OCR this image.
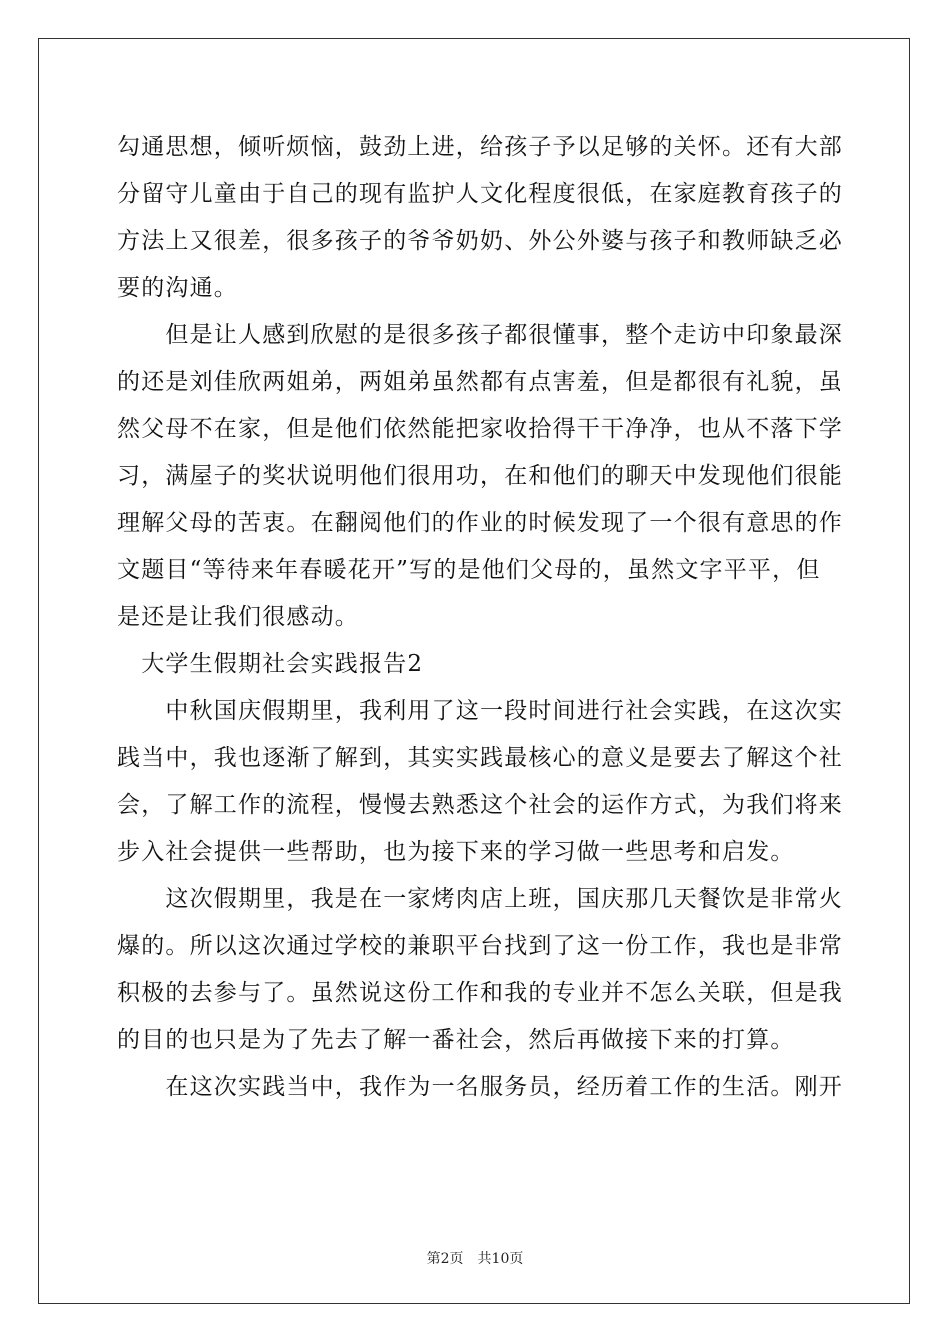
勾通思想，倾听烦恼，鼓劲上进，给孩子予以足够的关怀。还有大部
分留守儿童由于自己的现有监护人文化程度很低，在家庭教育孩子的
方法上又很差，很多孩子的爷爷奶奶、外公外婆与孩子和教师缺乏必
要的沟通。
　　但是让人感到欣慰的是很多孩子都很懂事，整个走访中印象最深
的还是刘佳欣两姐弟，两姐弟虽然都有点害羞，但是都很有礼貌，虽
然父母不在家，但是他们依然能把家收拾得干干净净，也从不落下学
习，满屋子的奖状说明他们很用功，在和他们的聊天中发现他们很能
理解父母的苦衷。在翻阅他们的作业的时候发现了一个很有意思的作
文题目“等待来年春暖花开”写的是他们父母的，虽然文字平平，但
是还是让我们很感动。
　大学生假期社会实践报告2
　　中秋国庆假期里，我利用了这一段时间进行社会实践，在这次实
践当中，我也逐渐了解到，其实实践最核心的意义是要去了解这个社
会，了解工作的流程，慢慢去熟悉这个社会的运作方式，为我们将来
步入社会提供一些帮助，也为接下来的学习做一些思考和启发。
　　这次假期里，我是在一家烤肉店上班，国庆那几天餐饮是非常火
爆的。所以这次通过学校的兼职平台找到了这一份工作，我也是非常
积极的去参与了。虽然说这份工作和我的专业并不怎么关联，但是我
的目的也只是为了先去了解一番社会，然后再做接下来的打算。
　　在这次实践当中，我作为一名服务员，经历着工作的生活。刚开
第2页　共10页
